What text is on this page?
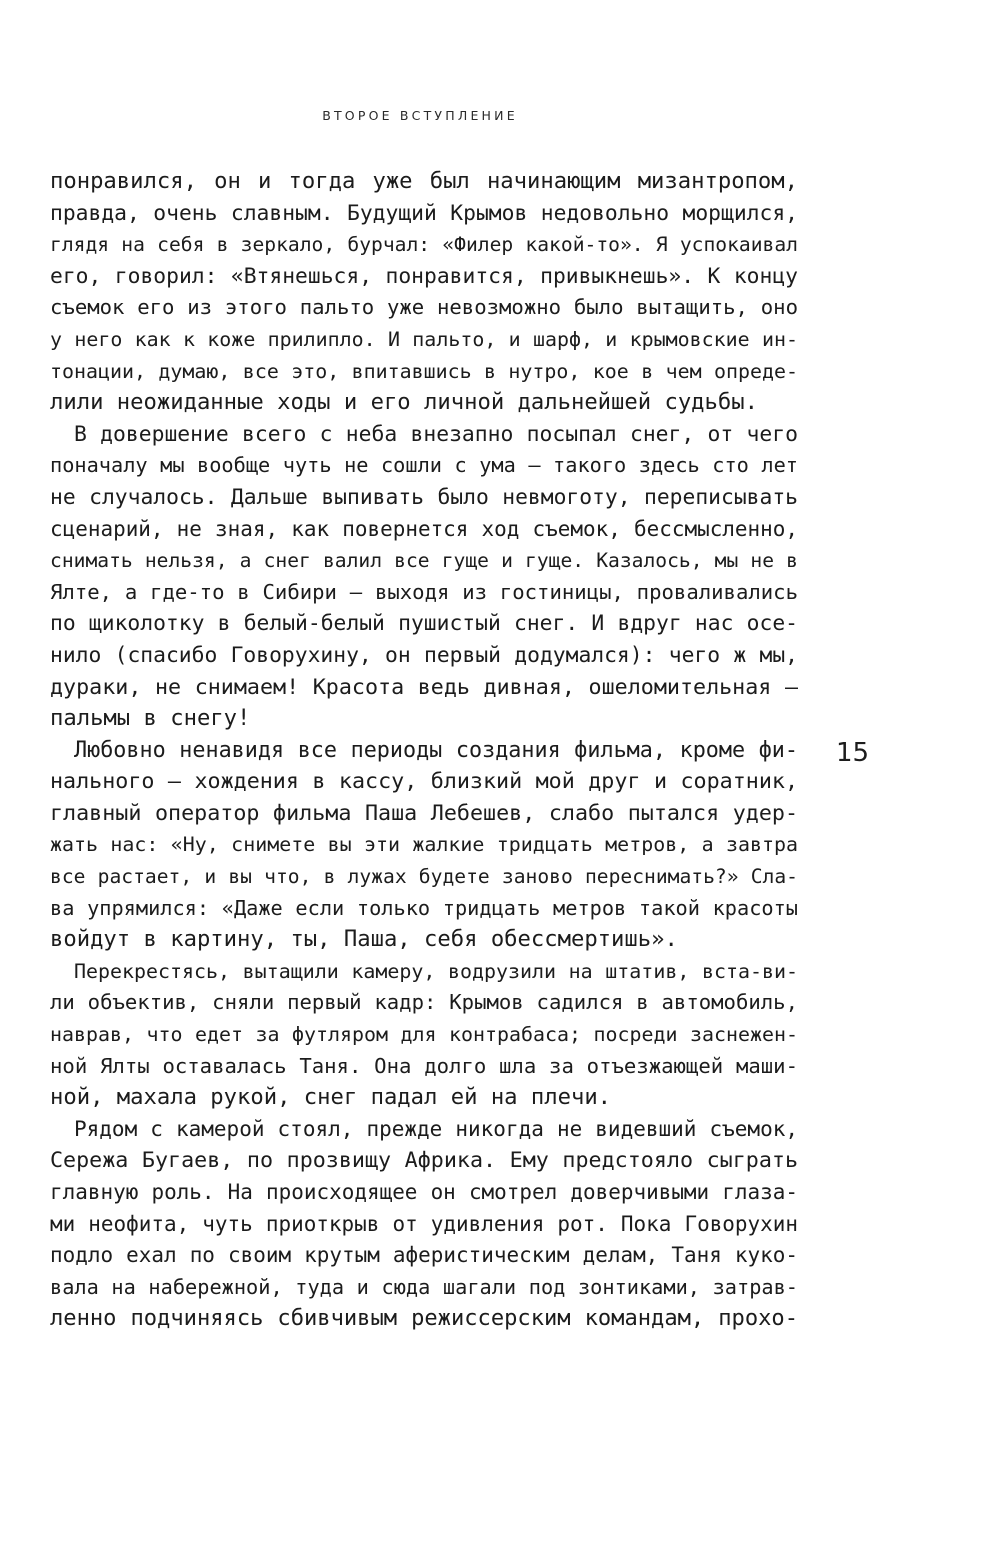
ВТОРОЕ ВСТУПЛЕНИЕ
понравился, он и тогда уже был начинающим мизантропом,
правда, очень славным. Будущий Крымов недовольно морщился,
глядя на себя в зеркало, бурчал: «Филер какой-то». Я успокаивал
его, говорил: «Втянешься, понравится, привыкнешь». К концу
съемок его из этого пальто уже невозможно было вытащить, оно
у него как к коже прилипло. И пальто, и шарф, и крымовские ин-
тонации, думаю, все это, впитавшись в нутро, кое в чем опреде-
лили неожиданные ходы и его личной дальнейшей судьбы.
В довершение всего с неба внезапно посыпал снег, от чего
поначалу мы вообще чуть не сошли с ума — такого здесь сто лет
не случалось. Дальше выпивать было невмоготу, переписывать
сценарий, не зная, как повернется ход съемок, бессмысленно,
снимать нельзя, а снег валил все гуще и гуще. Казалось, мы не в
Ялте, а где-то в Сибири — выходя из гостиницы, проваливались
по щиколотку в белый-белый пушистый снег. И вдруг нас осе-
нило (спасибо Говорухину, он первый додумался): чего ж мы,
дураки, не снимаем! Красота ведь дивная, ошеломительная —
пальмы в снегу!
Любовно ненавидя все периоды создания фильма, кроме фи-
нального — хождения в кассу, близкий мой друг и соратник,
главный оператор фильма Паша Лебешев, слабо пытался удер-
жать нас: «Ну, снимете вы эти жалкие тридцать метров, а завтра
все растает, и вы что, в лужах будете заново переснимать?» Сла-
ва упрямился: «Даже если только тридцать метров такой красоты
войдут в картину, ты, Паша, себя обессмертишь».
Перекрестясь, вытащили камеру, водрузили на штатив, вста-ви-
ли объектив, сняли первый кадр: Крымов садился в автомобиль,
наврав, что едет за футляром для контрабаса; посреди заснежен-
ной Ялты оставалась Таня. Она долго шла за отъезжающей маши-
ной, махала рукой, снег падал ей на плечи.
Рядом с камерой стоял, прежде никогда не видевший съемок,
Сережа Бугаев, по прозвищу Африка. Ему предстояло сыграть
главную роль. На происходящее он смотрел доверчивыми глаза-
ми неофита, чуть приоткрыв от удивления рот. Пока Говорухин
подло ехал по своим крутым аферистическим делам, Таня куко-
вала на набережной, туда и сюда шагали под зонтиками, затрав-
ленно подчиняясь сбивчивым режиссерским командам, прохо-
15
